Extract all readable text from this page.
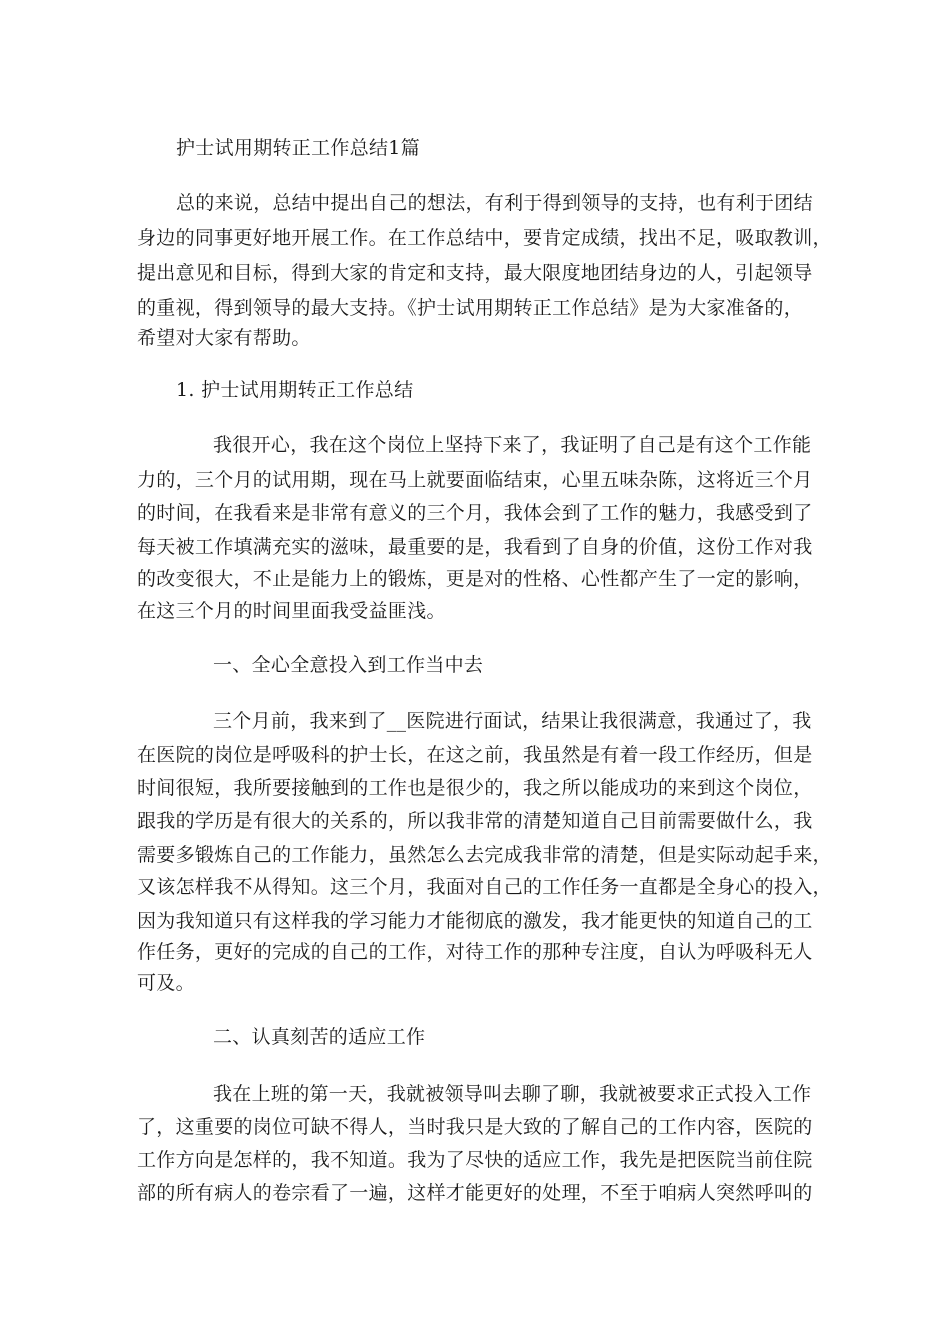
护士试用期转正工作总结1篇
总的来说，总结中提出自己的想法，有利于得到领导的支持，也有利于团结
身边的同事更好地开展工作。在工作总结中，要肯定成绩，找出不足，吸取教训，
提出意见和目标，得到大家的肯定和支持，最大限度地团结身边的人，引起领导
的重视，得到领导的最大支持。《护士试用期转正工作总结》是为大家准备的，
希望对大家有帮助。
1. 护士试用期转正工作总结
我很开心，我在这个岗位上坚持下来了，我证明了自己是有这个工作能
力的，三个月的试用期，现在马上就要面临结束，心里五味杂陈，这将近三个月
的时间，在我看来是非常有意义的三个月，我体会到了工作的魅力，我感受到了
每天被工作填满充实的滋味，最重要的是，我看到了自身的价值，这份工作对我
的改变很大，不止是能力上的锻炼，更是对的性格、心性都产生了一定的影响，
在这三个月的时间里面我受益匪浅。
一、全心全意投入到工作当中去
三个月前，我来到了__医院进行面试，结果让我很满意，我通过了，我
在医院的岗位是呼吸科的护士长，在这之前，我虽然是有着一段工作经历，但是
时间很短，我所要接触到的工作也是很少的，我之所以能成功的来到这个岗位，
跟我的学历是有很大的关系的，所以我非常的清楚知道自己目前需要做什么，我
需要多锻炼自己的工作能力，虽然怎么去完成我非常的清楚，但是实际动起手来，
又该怎样我不从得知。这三个月，我面对自己的工作任务一直都是全身心的投入，
因为我知道只有这样我的学习能力才能彻底的激发，我才能更快的知道自己的工
作任务，更好的完成的自己的工作，对待工作的那种专注度，自认为呼吸科无人
可及。
二、认真刻苦的适应工作
我在上班的第一天，我就被领导叫去聊了聊，我就被要求正式投入工作
了，这重要的岗位可缺不得人，当时我只是大致的了解自己的工作内容，医院的
工作方向是怎样的，我不知道。我为了尽快的适应工作，我先是把医院当前住院
部的所有病人的卷宗看了一遍，这样才能更好的处理，不至于咱病人突然呼叫的
